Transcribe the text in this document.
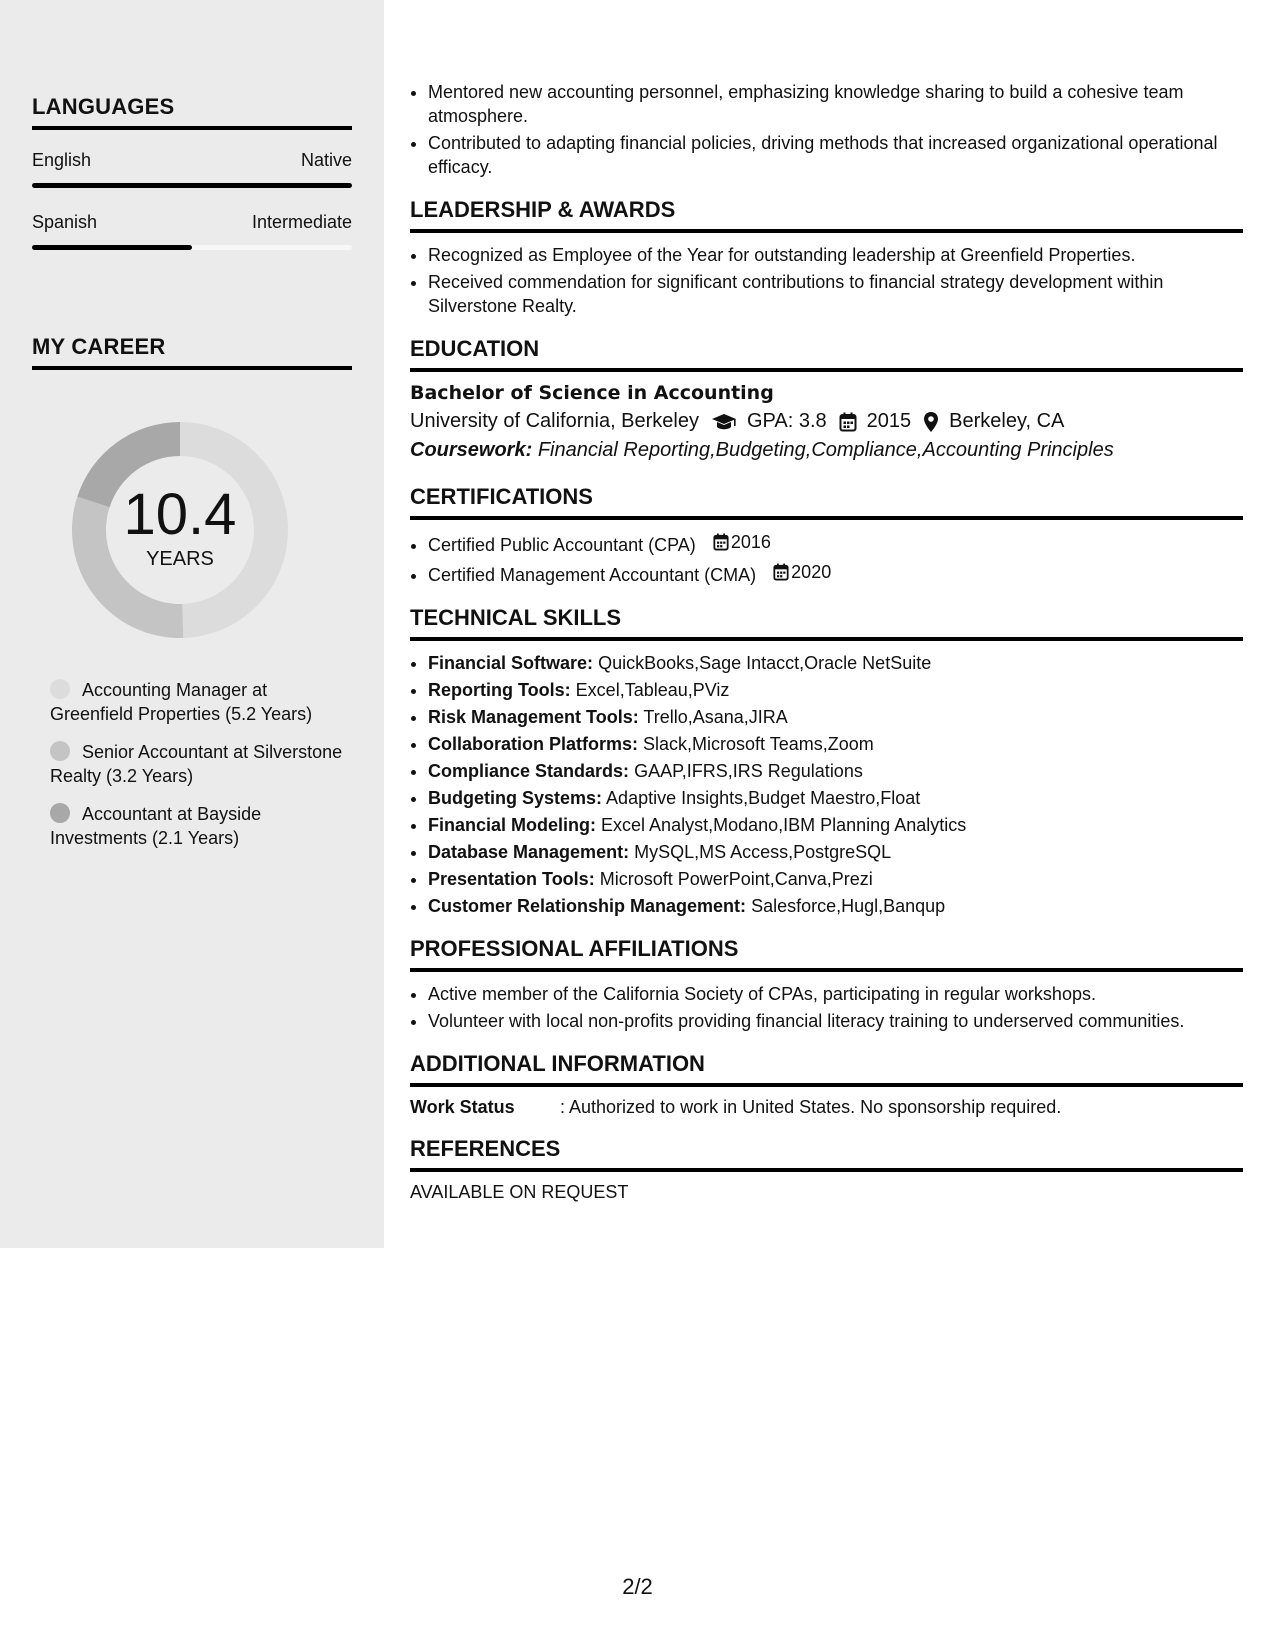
LANGUAGES
English	Native
Spanish	Intermediate
MY CAREER
10.4
YEARS
Accounting Manager at Greenfield Properties (5.2 Years)
Senior Accountant at Silverstone Realty (3.2 Years)
Accountant at Bayside Investments (2.1 Years)
• Mentored new accounting personnel, emphasizing knowledge sharing to build a cohesive team atmosphere.
• Contributed to adapting financial policies, driving methods that increased organizational operational efficacy.
LEADERSHIP & AWARDS
• Recognized as Employee of the Year for outstanding leadership at Greenfield Properties.
• Received commendation for significant contributions to financial strategy development within Silverstone Realty.
EDUCATION
Bachelor of Science in Accounting
University of California, Berkeley GPA: 3.8 2015 Berkeley, CA
Coursework: Financial Reporting,Budgeting,Compliance,Accounting Principles
CERTIFICATIONS
• Certified Public Accountant (CPA) 2016
• Certified Management Accountant (CMA) 2020
TECHNICAL SKILLS
• Financial Software: QuickBooks,Sage Intacct,Oracle NetSuite
• Reporting Tools: Excel,Tableau,PViz
• Risk Management Tools: Trello,Asana,JIRA
• Collaboration Platforms: Slack,Microsoft Teams,Zoom
• Compliance Standards: GAAP,IFRS,IRS Regulations
• Budgeting Systems: Adaptive Insights,Budget Maestro,Float
• Financial Modeling: Excel Analyst,Modano,IBM Planning Analytics
• Database Management: MySQL,MS Access,PostgreSQL
• Presentation Tools: Microsoft PowerPoint,Canva,Prezi
• Customer Relationship Management: Salesforce,Hugl,Banqup
PROFESSIONAL AFFILIATIONS
• Active member of the California Society of CPAs, participating in regular workshops.
• Volunteer with local non-profits providing financial literacy training to underserved communities.
ADDITIONAL INFORMATION
Work Status	: Authorized to work in United States. No sponsorship required.
REFERENCES
AVAILABLE ON REQUEST
2/2
